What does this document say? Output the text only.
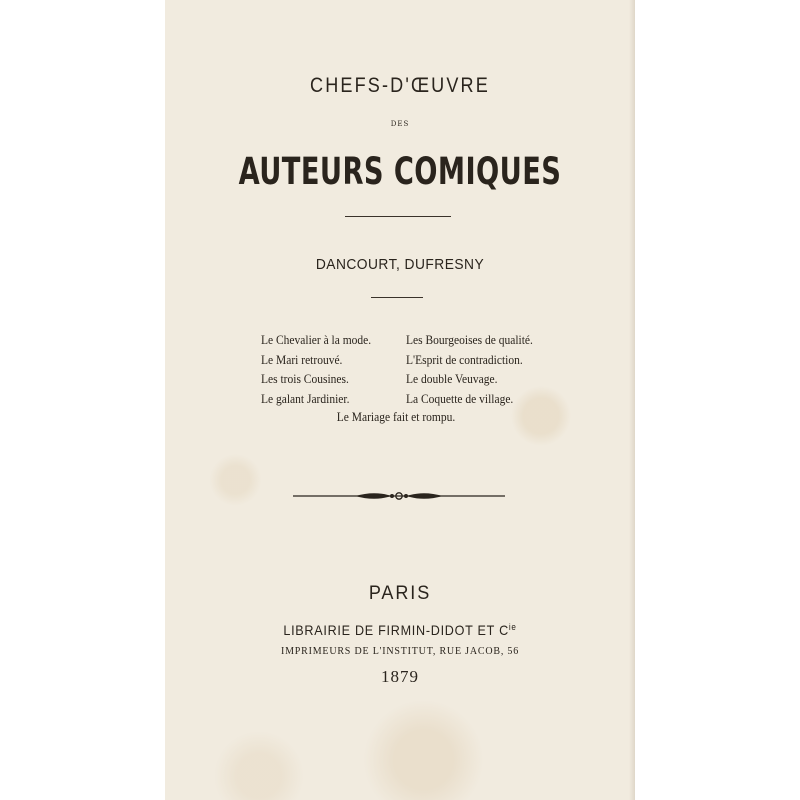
CHEFS-D'ŒUVRE
DES
AUTEURS COMIQUES
DANCOURT, DUFRESNY
Le Chevalier à la mode.
Le Mari retrouvé.
Les trois Cousines.
Le galant Jardinier.
Les Bourgeoises de qualité.
L'Esprit de contradiction.
Le double Veuvage.
La Coquette de village.
Le Mariage fait et rompu.
PARIS
LIBRAIRIE DE FIRMIN-DIDOT ET $C^{ie}$
IMPRIMEURS DE L'INSTITUT, RUE JACOB, 56
1879
